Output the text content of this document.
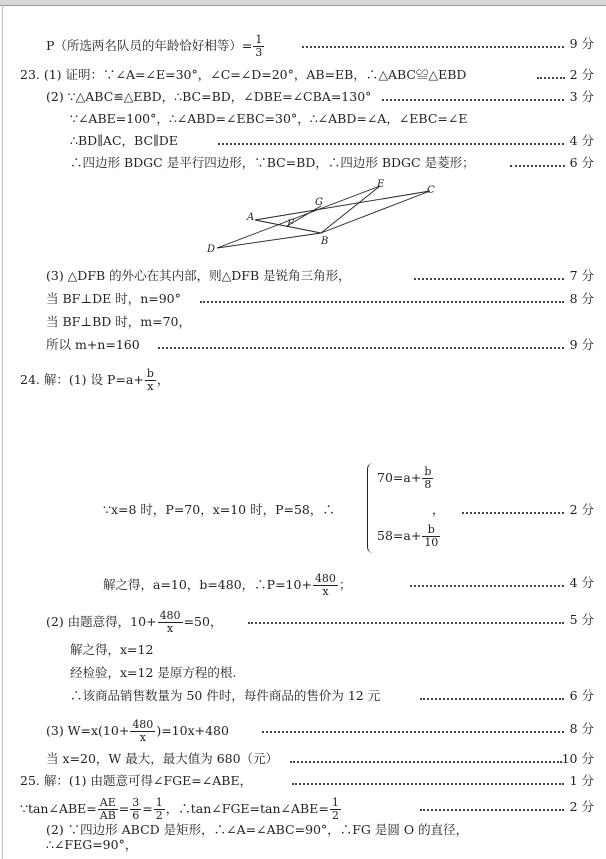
P（所选两名队员的年龄恰好相等）= $\frac{1}{3}$	9 分
23. (1) 证明：∵∠A=∠E=30°，∠C=∠D=20°，AB=EB，∴△ABC≌△EBD	2 分
(2) ∵△ABC≌△EBD，∴BC=BD，∠DBE=∠CBA=130°	3 分
∵∠ABE=100°，∴∠ABD=∠EBC=30°，∴∠ABD=∠A，∠EBC=∠E
∴BD∥AC，BC∥DE	4 分
∴四边形 BDGC 是平行四边形，∵BC=BD，∴四边形 BDGC 是菱形；	6 分
A
G
E
C
F
D
B
(3) △DFB 的外心在其内部，则△DFB 是锐角三角形，	7 分
当 BF⊥DE 时，n=90°	8 分
当 BF⊥BD 时，m=70，
所以 m+n=160	9 分
24. 解：(1) 设 $P=a+ \frac{b}{x}$ ，
∵x=8 时，P=70，x=10 时，P=58，∴	，	2 分
$70=a+ \frac{b}{8}$
$58=a+ \frac{b}{10}$
解之得，a=10，b=480，∴P=10+ $\frac{480}{x}$ ；	4 分
(2) 由题意得，$10+ \frac{480}{x} =50$，	5 分
解之得，x=12
经检验，x=12 是原方程的根.
∴该商品销售数量为 50 件时，每件商品的售价为 12 元	6 分
(3) $W=x(10+ \frac{480}{x} )=10x+480$	8 分
当 x=20，W 最大，最大值为 680（元）	10 分
25. 解：(1) 由题意可得∠FGE=∠ABE，	1 分
∵tan∠ABE= $\frac{AE}{AB} = \frac{3}{6} = \frac{1}{2}$ ，∴tan∠FGE=tan∠ABE= $\frac{1}{2}$	2 分
(2) ∵四边形 ABCD 是矩形，∴∠A=∠ABC=90°，∴FG 是圆 O 的直径，
∴∠FEG=90°，
